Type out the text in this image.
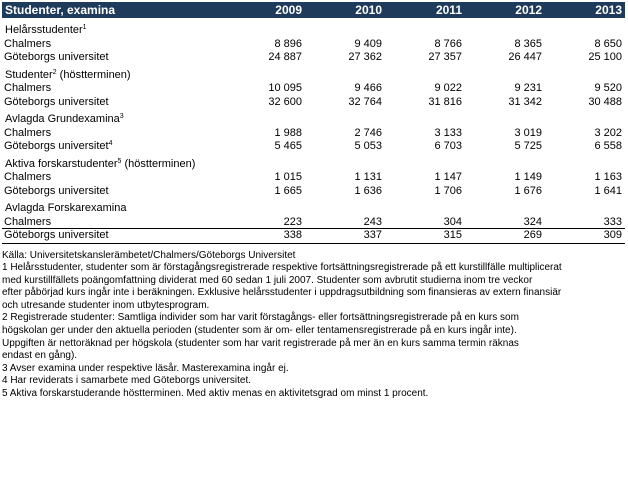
Studenter, examina	2009	2010	2011	2012	2013
Helårsstudenter$^1$
Chalmers	8 896	9 409	8 766	8 365	8 650
Göteborgs universitet	24 887	27 362	27 357	26 447	25 100
Studenter$^2$ (höstterminen)
Chalmers	10 095	9 466	9 022	9 231	9 520
Göteborgs universitet	32 600	32 764	31 816	31 342	30 488
Avlagda Grundexamina$^3$
Chalmers	1 988	2 746	3 133	3 019	3 202
Göteborgs universitet$^4$	5 465	5 053	6 703	5 725	6 558
Aktiva forskarstudenter$^5$ (höstterminen)
Chalmers	1 015	1 131	1 147	1 149	1 163
Göteborgs universitet	1 665	1 636	1 706	1 676	1 641
Avlagda Forskarexamina
Chalmers	223	243	304	324	333
Göteborgs universitet	338	337	315	269	309
Källa: Universitetskanslerämbetet/Chalmers/Göteborgs Universitet
1 Helårsstudenter, studenter som är förstagångsregistrerade respektive fortsättningsregistrerade på ett kurstillfälle multiplicerat
med kurstillfällets poängomfattning dividerat med 60 sedan 1 juli 2007. Studenter som avbrutit studierna inom tre veckor
efter påbörjad kurs ingår inte i beräkningen. Exklusive helårsstudenter i uppdragsutbildning som finansieras av extern finansiär
och utresande studenter inom utbytesprogram.
2 Registrerade studenter: Samtliga individer som har varit förstagångs- eller fortsättningsregistrerade på en kurs som
högskolan ger under den aktuella perioden (studenter som är om- eller tentamensregistrerade på en kurs ingår inte).
Uppgiften är nettoräknad per högskola (studenter som har varit registrerade på mer än en kurs samma termin räknas
endast en gång).
3 Avser examina under respektive läsår. Masterexamina ingår ej.
4 Har reviderats i samarbete med Göteborgs universitet.
5 Aktiva forskarstuderande höstterminen. Med aktiv menas en aktivitetsgrad om minst 1 procent.
